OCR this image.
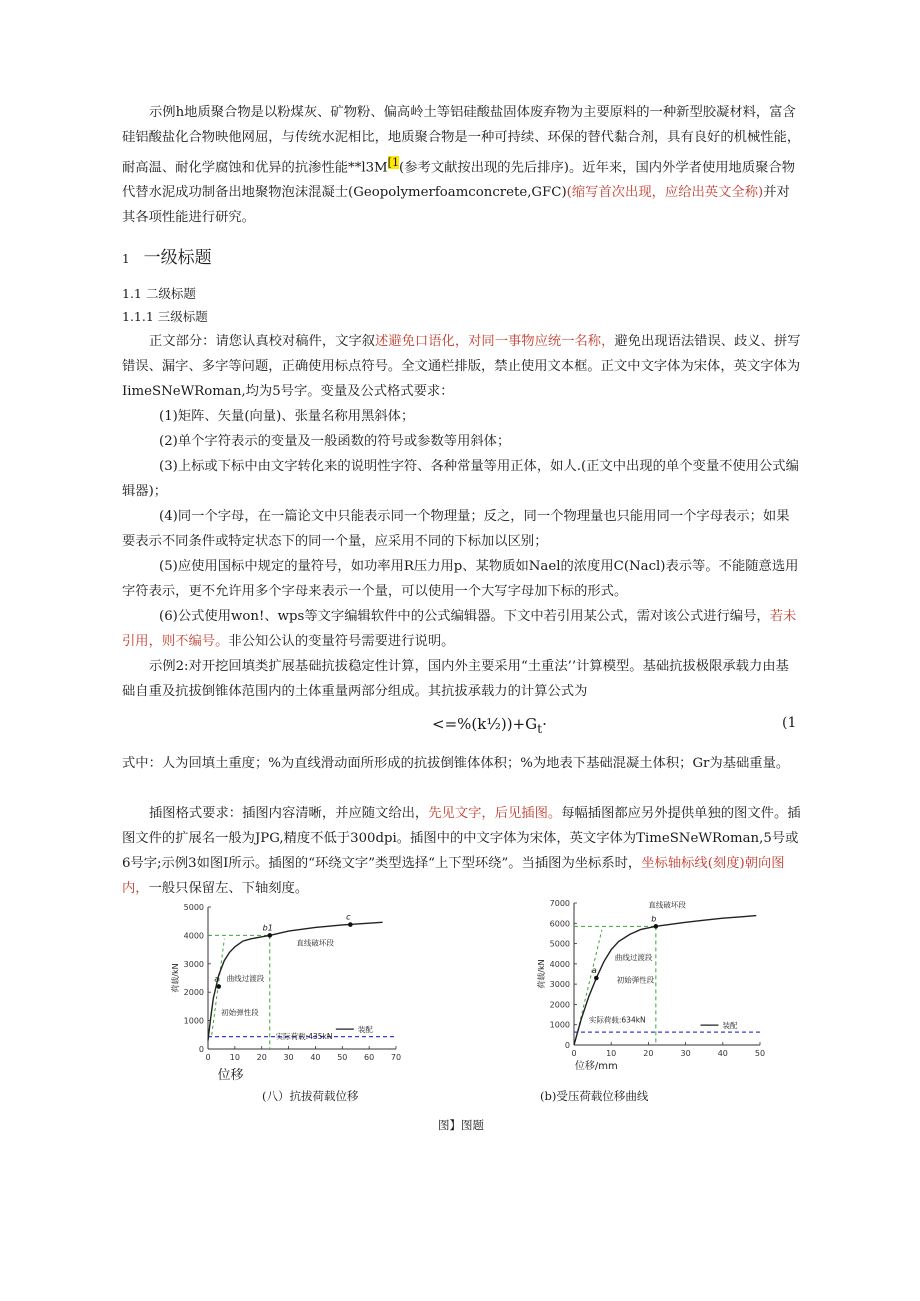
示例h地质聚合物是以粉煤灰、矿物粉、偏高岭土等铝硅酸盐固体废弃物为主要原料的一种新型胶凝材料，富含硅铝酸盐化合物映他网屈，与传统水泥相比，地质聚合物是一种可持续、环保的替代黏合剂，具有良好的机械性能，耐高温、耐化学腐蚀和优异的抗渗性能$**l3M^{[1}$(参考文献按出现的先后排序)。近年来，国内外学者使用地质聚合物代替水泥成功制备出地聚物泡沫混凝士(Geopolymerfoamconcrete,GFC)(缩写首次出现，应给出英文全称)并对其各项性能进行研究。

1 一级标题
1.1 二级标题
1.1.1 三级标题

正文部分：请您认真校对稿件，文字叙述避免口语化，对同一事物应统一名称，避免出现语法错误、歧义、拼写错误、漏字、多字等问题，正确使用标点符号。全文通栏排版，禁止使用文本框。正文中文字体为宋体，英文字体为IimeSNeWRoman,均为5号字。变量及公式格式要求：

(1)矩阵、矢量(向量)、张量名称用黑斜体；

(2)单个字符表示的变量及一般函数的符号或参数等用斜体；

(3)上标或下标中由文字转化来的说明性字符、各种常量等用正体，如人.(正文中出现的单个变量不使用公式编辑器)；

(4)同一个字母，在一篇论文中只能表示同一个物理量；反之，同一个物理量也只能用同一个字母表示；如果要表示不同条件或特定状态下的同一个量，应采用不同的下标加以区别；

(5)应使用国标中规定的量符号，如功率用R压力用p、某物质如Nael的浓度用C(Nacl)表示等。不能随意选用字符表示，更不允许用多个字母来表示一个量，可以使用一个大写字母加下标的形式。

(6)公式使用won!、wps等文字编辑软件中的公式编辑器。下文中若引用某公式，需对该公式进行编号，若未引用，则不编号。非公知公认的变量符号需要进行说明。

示例2:对开挖回填类扩展基础抗拔稳定性计算，国内外主要采用“土重法’’计算模型。基础抗拔极限承载力由基础自重及抗拔倒锥体范围内的土体重量两部分组成。其抗拔承载力的计算公式为

$<=\%(k\frac{1}{2}))+G_t\cdot$	(1

式中：人为回填土重度；%为直线滑动面所形成的抗拔倒锥体体积；%为地表下基础混凝土体积；Gr为基础重量。

插图格式要求：插图内容清晰，并应随文给出，先见文字，后见插图。每幅插图都应另外提供单独的图文件。插图文件的扩展名一般为JPG,精度不低于300dpi。插图中的中文字体为宋体，英文字体为TimeSNeWRoman,5号或6号字;示例3如图I所示。插图的“环绕文字”类型选择“上下型环绕”。当插图为坐标系时，坐标轴标线(刻度)朝向图内，一般只保留左、下轴刻度。

0 10 20 30 40 50 60 70
0
1000
2000
3000
4000
5000
位移
荷载/kN	a
b1
c
直线破坏段
曲线过渡段
初始弹性段
实际荷载:435kN
装配
(八）抗拔荷载位移
0	10	20	30	40	50
0
1000
2000
3000
4000
5000
6000
7000
位移/mm
荷载/kN	a
b
直线破坏段
曲线过渡段
初始弹性段
实际荷载:634kN
装配
(b)受压荷载位移曲线
图】图题
